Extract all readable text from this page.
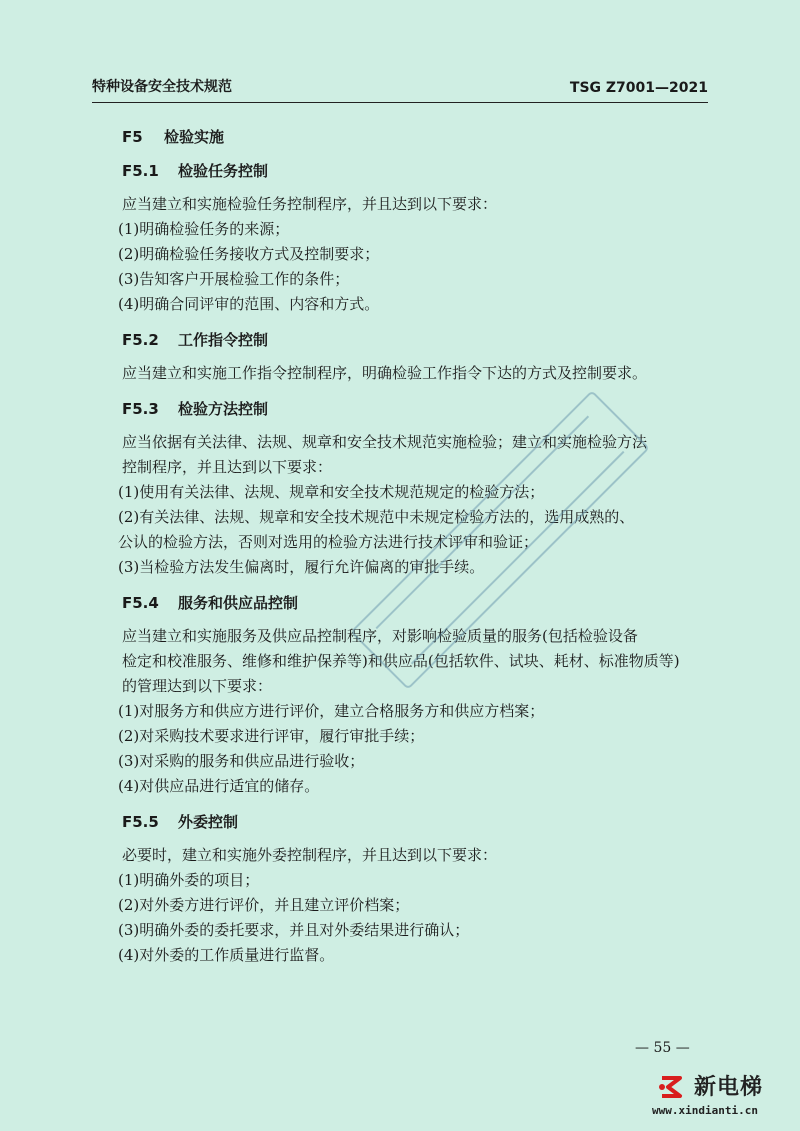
特种设备安全技术规范	TSG Z7001—2021
F5 检验实施
F5.1 检验任务控制
应当建立和实施检验任务控制程序，并且达到以下要求：
(1)明确检验任务的来源；
(2)明确检验任务接收方式及控制要求；
(3)告知客户开展检验工作的条件；
(4)明确合同评审的范围、内容和方式。
F5.2 工作指令控制
应当建立和实施工作指令控制程序，明确检验工作指令下达的方式及控制要求。
F5.3 检验方法控制
应当依据有关法律、法规、规章和安全技术规范实施检验；建立和实施检验方法
控制程序，并且达到以下要求：
(1)使用有关法律、法规、规章和安全技术规范规定的检验方法；
(2)有关法律、法规、规章和安全技术规范中未规定检验方法的，选用成熟的、
公认的检验方法，否则对选用的检验方法进行技术评审和验证；
(3)当检验方法发生偏离时，履行允许偏离的审批手续。
F5.4 服务和供应品控制
应当建立和实施服务及供应品控制程序，对影响检验质量的服务(包括检验设备
检定和校准服务、维修和维护保养等)和供应品(包括软件、试块、耗材、标准物质等)
的管理达到以下要求：
(1)对服务方和供应方进行评价，建立合格服务方和供应方档案；
(2)对采购技术要求进行评审，履行审批手续；
(3)对采购的服务和供应品进行验收；
(4)对供应品进行适宜的储存。
F5.5 外委控制
必要时，建立和实施外委控制程序，并且达到以下要求：
(1)明确外委的项目；
(2)对外委方进行评价，并且建立评价档案；
(3)明确外委的委托要求，并且对外委结果进行确认；
(4)对外委的工作质量进行监督。
— 55 —
新电梯
www.xindianti.cn
